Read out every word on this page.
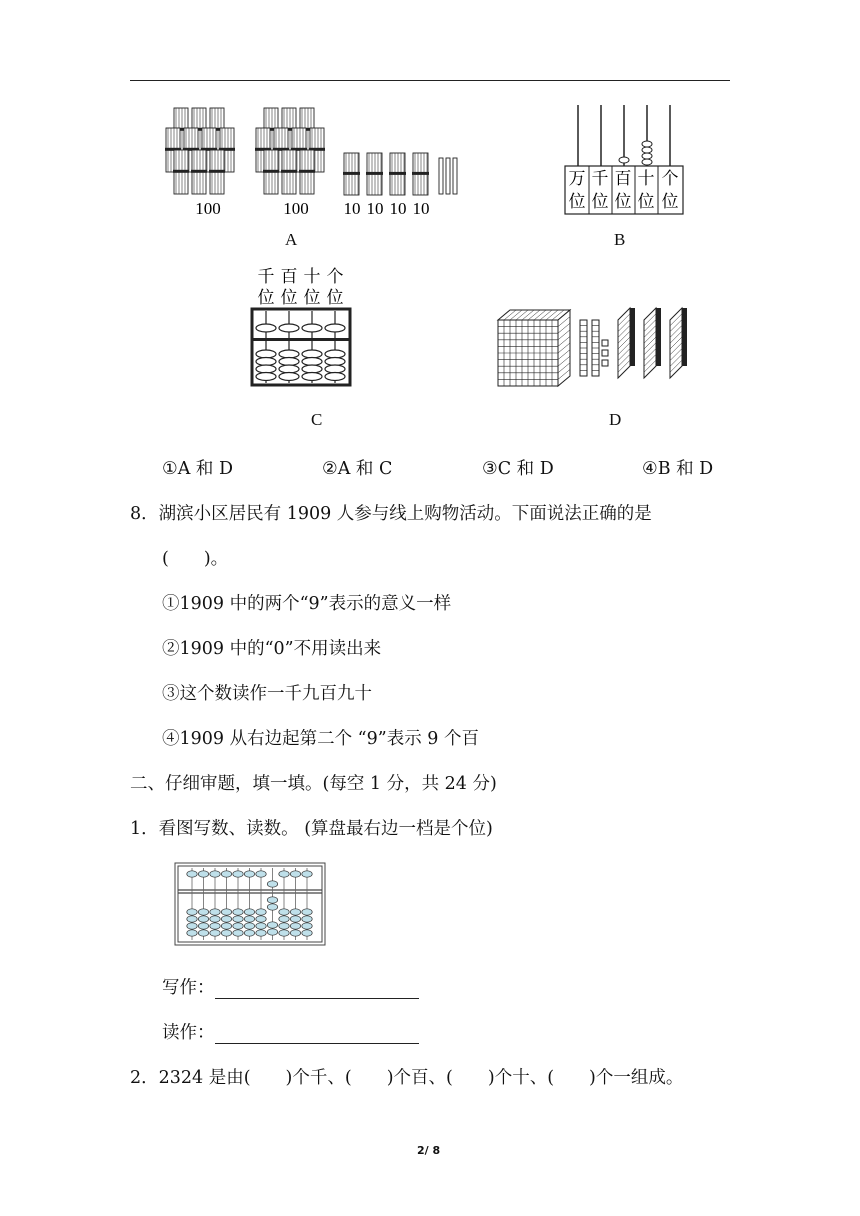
100	100 10 10 10 10
A
万
位
千
位
百
位
十
位
个
位
B
千
位
百
位
十
位
个
位
C	D
①A 和 D	②A 和 C	③C 和 D	④B 和 D
8．湖滨小区居民有 1909 人参与线上购物活动。下面说法正确的是
(　　)。
①1909 中的两个“9”表示的意义一样
②1909 中的“0”不用读出来
③这个数读作一千九百九十
④1909 从右边起第二个 “9”表示 9 个百
二、仔细审题，填一填。(每空 1 分，共 24 分)
1．看图写数、读数。 (算盘最右边一档是个位)
写作：
读作：
2．2324 是由(　　)个千、(　　)个百、(　　)个十、(　　)个一组成。
2/ 8
